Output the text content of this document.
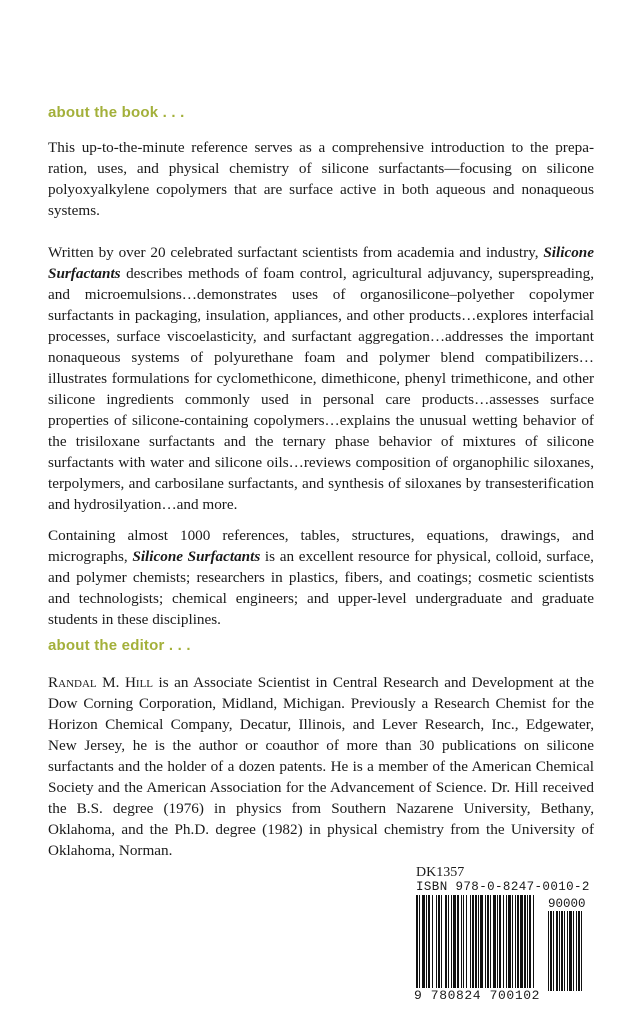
about the book . . .

This up-to-the-minute reference serves as a comprehensive introduction to the preparation, uses, and physical chemistry of silicone surfactants—focusing on silicone polyoxyalkylene copolymers that are surface active in both aqueous and nonaqueous systems.

Written by over 20 celebrated surfactant scientists from academia and industry, Silicone Surfactants describes methods of foam control, agricultural adjuvancy, superspreading, and microemulsions…demonstrates uses of organosilicone–polyether copolymer surfactants in packaging, insulation, appliances, and other products…explores interfacial processes, surface viscoelasticity, and surfactant aggregation…addresses the important nonaqueous systems of polyurethane foam and polymer blend compatibilizers…illustrates formulations for cyclomethicone, dimethicone, phenyl trimethicone, and other silicone ingredients commonly used in personal care products…assesses surface properties of silicone-containing copolymers…explains the unusual wetting behavior of the trisiloxane surfactants and the ternary phase behavior of mixtures of silicone surfactants with water and silicone oils…reviews composition of organophilic siloxanes, terpolymers, and carbosilane surfactants, and synthesis of siloxanes by transesterification and hydrosilyation…and more.

Containing almost 1000 references, tables, structures, equations, drawings, and micrographs, Silicone Surfactants is an excellent resource for physical, colloid, surface, and polymer chemists; researchers in plastics, fibers, and coatings; cosmetic scientists and technologists; chemical engineers; and upper-level undergraduate and graduate students in these disciplines.

about the editor . . .

Randal M. Hill is an Associate Scientist in Central Research and Development at the Dow Corning Corporation, Midland, Michigan. Previously a Research Chemist for the Horizon Chemical Company, Decatur, Illinois, and Lever Research, Inc., Edgewater, New Jersey, he is the author or coauthor of more than 30 publications on silicone surfactants and the holder of a dozen patents. He is a member of the American Chemical Society and the American Association for the Advancement of Science. Dr. Hill received the B.S. degree (1976) in physics from Southern Nazarene University, Bethany, Oklahoma, and the Ph.D. degree (1982) in physical chemistry from the University of Oklahoma, Norman.

DK1357

ISBN 978-0-8247-0010-2

90000

9 780824 700102
